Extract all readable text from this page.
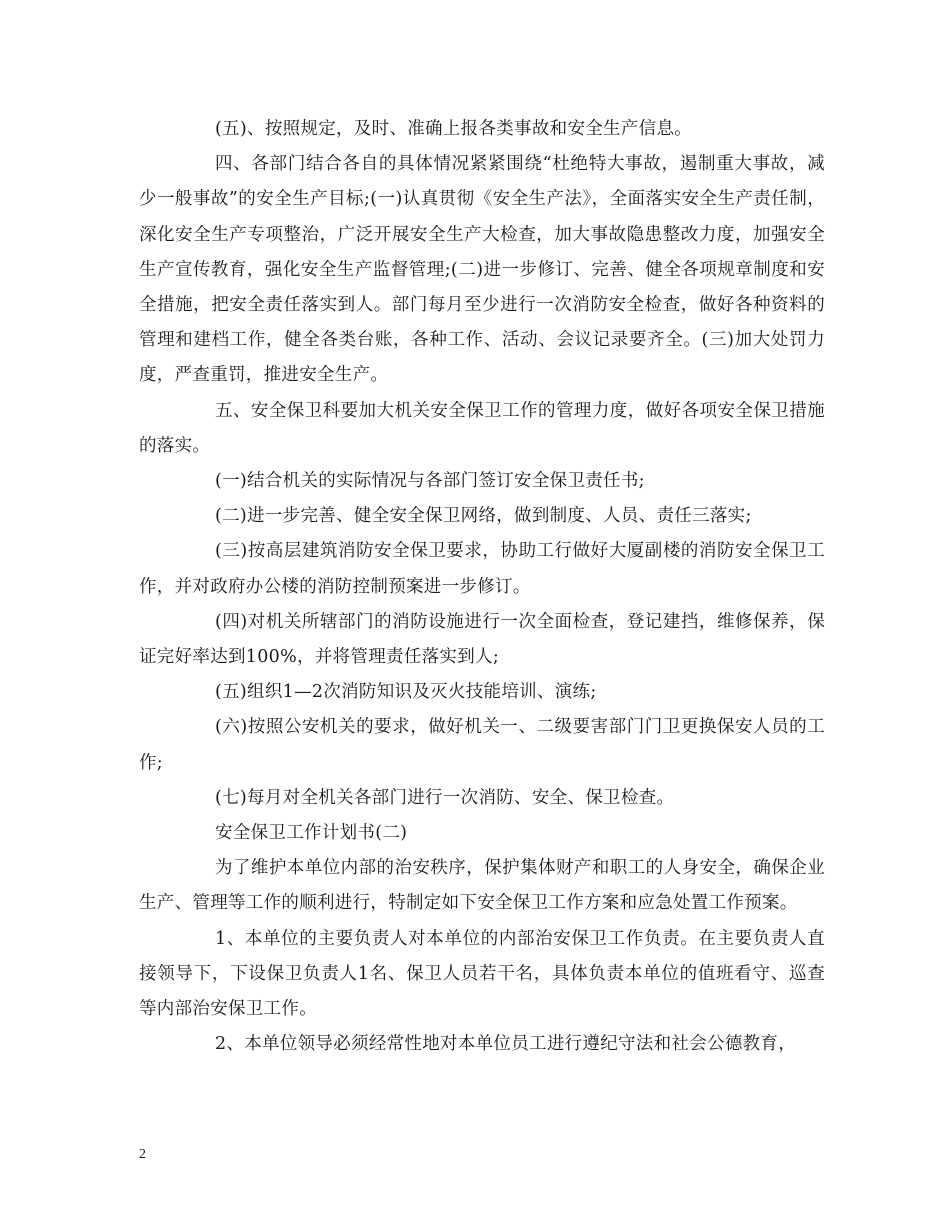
(五)、按照规定，及时、准确上报各类事故和安全生产信息。

四、各部门结合各自的具体情况紧紧围绕“杜绝特大事故，遏制重大事故，减少一般事故”的安全生产目标;(一)认真贯彻《安全生产法》，全面落实安全生产责任制，深化安全生产专项整治，广泛开展安全生产大检查，加大事故隐患整改力度，加强安全生产宣传教育，强化安全生产监督管理;(二)进一步修订、完善、健全各项规章制度和安全措施，把安全责任落实到人。部门每月至少进行一次消防安全检查，做好各种资料的管理和建档工作，健全各类台账，各种工作、活动、会议记录要齐全。(三)加大处罚力度，严查重罚，推进安全生产。

五、安全保卫科要加大机关安全保卫工作的管理力度，做好各项安全保卫措施的落实。

(一)结合机关的实际情况与各部门签订安全保卫责任书;

(二)进一步完善、健全安全保卫网络，做到制度、人员、责任三落实;

(三)按高层建筑消防安全保卫要求，协助工行做好大厦副楼的消防安全保卫工作，并对政府办公楼的消防控制预案进一步修订。

(四)对机关所辖部门的消防设施进行一次全面检查，登记建挡，维修保养，保证完好率达到100%，并将管理责任落实到人;

(五)组织1—2次消防知识及灭火技能培训、演练;

(六)按照公安机关的要求，做好机关一、二级要害部门门卫更换保安人员的工作;

(七)每月对全机关各部门进行一次消防、安全、保卫检查。

安全保卫工作计划书(二)

为了维护本单位内部的治安秩序，保护集体财产和职工的人身安全，确保企业生产、管理等工作的顺利进行，特制定如下安全保卫工作方案和应急处置工作预案。

1、本单位的主要负责人对本单位的内部治安保卫工作负责。在主要负责人直接领导下，下设保卫负责人1名、保卫人员若干名，具体负责本单位的值班看守、巡查等内部治安保卫工作。

2、本单位领导必须经常性地对本单位员工进行遵纪守法和社会公德教育，

2
